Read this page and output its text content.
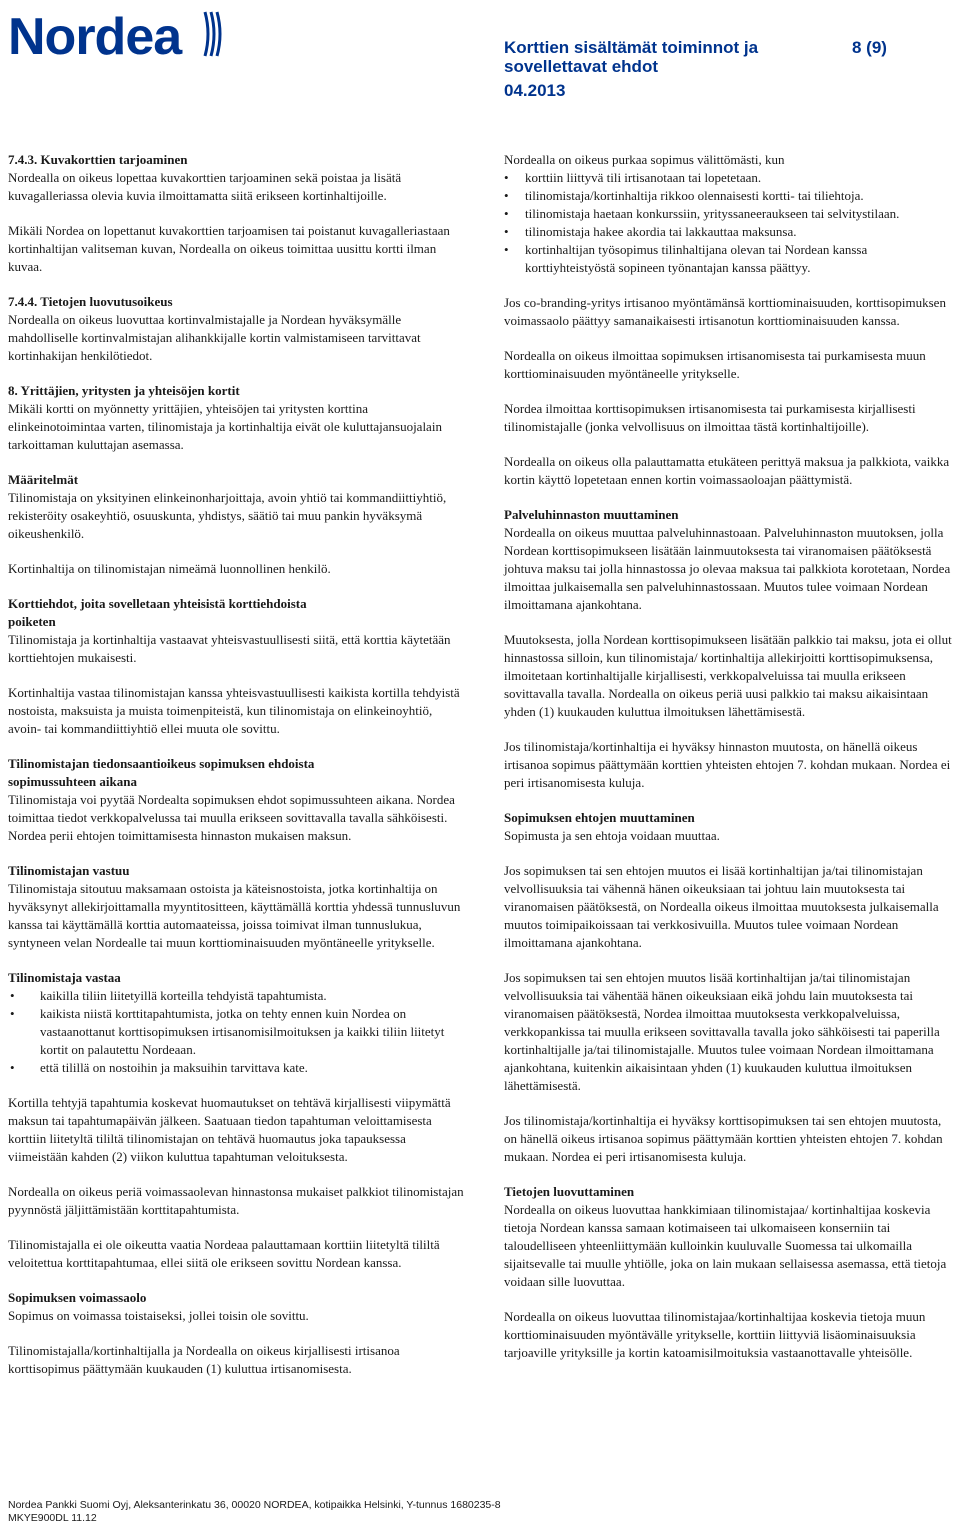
Nordea	Korttien sisältämät toiminnot ja sovellettavat ehdot
8 (9)
04.2013
7.4.3. Kuvakorttien tarjoaminen

Nordealla on oikeus lopettaa kuvakorttien tarjoaminen sekä poistaa ja lisätä kuvagalleriassa olevia kuvia ilmoittamatta siitä erikseen kortinhaltijoille.

Mikäli Nordea on lopettanut kuvakorttien tarjoamisen tai poistanut kuvagalleriastaan kortinhaltijan valitseman kuvan, Nordealla on oikeus toimittaa uusittu kortti ilman kuvaa.

7.4.4. Tietojen luovutusoikeus

Nordealla on oikeus luovuttaa kortinvalmistajalle ja Nordean hyväksymälle mahdolliselle kortinvalmistajan alihankkijalle kortin valmistamiseen tarvittavat kortinhakijan henkilötiedot.

8. Yrittäjien, yritysten ja yhteisöjen kortit

Mikäli kortti on myönnetty yrittäjien, yhteisöjen tai yritysten korttina elinkeinotoimintaa varten, tilinomistaja ja kortinhaltija eivät ole kuluttajansuojalain tarkoittaman kuluttajan asemassa.

Määritelmät

Tilinomistaja on yksityinen elinkeinonharjoittaja, avoin yhtiö tai kommandiittiyhtiö, rekisteröity osakeyhtiö, osuuskunta, yhdistys, säätiö tai muu pankin hyväksymä oikeushenkilö.

Kortinhaltija on tilinomistajan nimeämä luonnollinen henkilö.

Korttiehdot, joita sovelletaan yhteisistä korttiehdoista
poiketen

Tilinomistaja ja kortinhaltija vastaavat yhteisvastuullisesti siitä, että korttia käytetään korttiehtojen mukaisesti.

Kortinhaltija vastaa tilinomistajan kanssa yhteisvastuullisesti kaikista kortilla tehdyistä nostoista, maksuista ja muista toimenpiteistä, kun tilinomistaja on elinkeinoyhtiö, avoin- tai kommandiittiyhtiö ellei muuta ole sovittu.

Tilinomistajan tiedonsaantioikeus sopimuksen ehdoista
sopimussuhteen aikana

Tilinomistaja voi pyytää Nordealta sopimuksen ehdot sopimussuhteen aikana. Nordea toimittaa tiedot verkkopalvelussa tai muulla erikseen sovittavalla tavalla sähköisesti. Nordea perii ehtojen toimittamisesta hinnaston mukaisen maksun.

Tilinomistajan vastuu

Tilinomistaja sitoutuu maksamaan ostoista ja käteisnostoista, jotka kortinhaltija on hyväksynyt allekirjoittamalla myyntitositteen, käyttämällä korttia yhdessä tunnusluvun kanssa tai käyttämällä korttia automaateissa, joissa toimivat ilman tunnuslukua, syntyneen velan Nordealle tai muun korttiominaisuuden myöntäneelle yritykselle.

Tilinomistaja vastaa
• kaikilla tiliin liitetyillä korteilla tehdyistä tapahtumista.
• kaikista niistä korttitapahtumista, jotka on tehty ennen kuin Nordea on vastaanottanut korttisopimuksen irtisanomisilmoituksen ja kaikki tiliin liitetyt kortit on palautettu Nordeaan.
• että tilillä on nostoihin ja maksuihin tarvittava kate.

Kortilla tehtyjä tapahtumia koskevat huomautukset on tehtävä kirjallisesti viipymättä maksun tai tapahtumapäivän jälkeen. Saatuaan tiedon tapahtuman veloittamisesta korttiin liitetyltä tililtä tilinomistajan on tehtävä huomautus joka tapauksessa viimeistään kahden (2) viikon kuluttua tapahtuman veloituksesta.

Nordealla on oikeus periä voimassaolevan hinnastonsa mukaiset palkkiot tilinomistajan pyynnöstä jäljittämistään korttitapahtumista.

Tilinomistajalla ei ole oikeutta vaatia Nordeaa palauttamaan korttiin liitetyltä tililtä veloitettua korttitapahtumaa, ellei siitä ole erikseen sovittu Nordean kanssa.

Sopimuksen voimassaolo

Sopimus on voimassa toistaiseksi, jollei toisin ole sovittu.

Tilinomistajalla/kortinhaltijalla ja Nordealla on oikeus kirjallisesti irtisanoa korttisopimus päättymään kuukauden (1) kuluttua irtisanomisesta.

Nordealla on oikeus purkaa sopimus välittömästi, kun
• korttiin liittyvä tili irtisanotaan tai lopetetaan.
• tilinomistaja/kortinhaltija rikkoo olennaisesti kortti- tai tiliehtoja.
• tilinomistaja haetaan konkurssiin, yrityssaneeraukseen tai selvitystilaan.
• tilinomistaja hakee akordia tai lakkauttaa maksunsa.
• kortinhaltijan työsopimus tilinhaltijana olevan tai Nordean kanssa korttiyhteistyöstä sopineen työnantajan kanssa päättyy.

Jos co-branding-yritys irtisanoo myöntämänsä korttiominaisuuden, korttisopimuksen voimassaolo päättyy samanaikaisesti irtisanotun korttiominaisuuden kanssa.

Nordealla on oikeus ilmoittaa sopimuksen irtisanomisesta tai purkamisesta muun korttiominaisuuden myöntäneelle yritykselle.

Nordea ilmoittaa korttisopimuksen irtisanomisesta tai purkamisesta kirjallisesti tilinomistajalle (jonka velvollisuus on ilmoittaa tästä kortinhaltijoille).

Nordealla on oikeus olla palauttamatta etukäteen perittyä maksua ja palkkiota, vaikka kortin käyttö lopetetaan ennen kortin voimassaoloajan päättymistä.

Palveluhinnaston muuttaminen

Nordealla on oikeus muuttaa palveluhinnastoaan. Palveluhinnaston muutoksen, jolla Nordean korttisopimukseen lisätään lainmuutoksesta tai viranomaisen päätöksestä johtuva maksu tai jolla hinnastossa jo olevaa maksua tai palkkiota korotetaan, Nordea ilmoittaa julkaisemalla sen palveluhinnastossaan. Muutos tulee voimaan Nordean ilmoittamana ajankohtana.

Muutoksesta, jolla Nordean korttisopimukseen lisätään palkkio tai maksu, jota ei ollut hinnastossa silloin, kun tilinomistaja/ kortinhaltija allekirjoitti korttisopimuksensa, ilmoitetaan kortinhaltijalle kirjallisesti, verkkopalveluissa tai muulla erikseen sovittavalla tavalla. Nordealla on oikeus periä uusi palkkio tai maksu aikaisintaan yhden (1) kuukauden kuluttua ilmoituksen lähettämisestä.

Jos tilinomistaja/kortinhaltija ei hyväksy hinnaston muutosta, on hänellä oikeus irtisanoa sopimus päättymään korttien yhteisten ehtojen 7. kohdan mukaan. Nordea ei peri irtisanomisesta kuluja.

Sopimuksen ehtojen muuttaminen

Sopimusta ja sen ehtoja voidaan muuttaa.

Jos sopimuksen tai sen ehtojen muutos ei lisää kortinhaltijan ja/tai tilinomistajan velvollisuuksia tai vähennä hänen oikeuksiaan tai johtuu lain muutoksesta tai viranomaisen päätöksestä, on Nordealla oikeus ilmoittaa muutoksesta julkaisemalla muutos toimipaikoissaan tai verkkosivuilla. Muutos tulee voimaan Nordean ilmoittamana ajankohtana.

Jos sopimuksen tai sen ehtojen muutos lisää kortinhaltijan ja/tai tilinomistajan velvollisuuksia tai vähentää hänen oikeuksiaan eikä johdu lain muutoksesta tai viranomaisen päätöksestä, Nordea ilmoittaa muutoksesta verkkopalveluissa, verkkopankissa tai muulla erikseen sovittavalla tavalla joko sähköisesti tai paperilla kortinhaltijalle ja/tai tilinomistajalle. Muutos tulee voimaan Nordean ilmoittamana ajankohtana, kuitenkin aikaisintaan yhden (1) kuukauden kuluttua ilmoituksen lähettämisestä.

Jos tilinomistaja/kortinhaltija ei hyväksy korttisopimuksen tai sen ehtojen muutosta, on hänellä oikeus irtisanoa sopimus päättymään korttien yhteisten ehtojen 7. kohdan mukaan. Nordea ei peri irtisanomisesta kuluja.

Tietojen luovuttaminen

Nordealla on oikeus luovuttaa hankkimiaan tilinomistajaa/ kortinhaltijaa koskevia tietoja Nordean kanssa samaan kotimaiseen tai ulkomaiseen konserniin tai taloudelliseen yhteenliittymään kulloinkin kuuluvalle Suomessa tai ulkomailla sijaitsevalle tai muulle yhtiölle, joka on lain mukaan sellaisessa asemassa, että tietoja voidaan sille luovuttaa.

Nordealla on oikeus luovuttaa tilinomistajaa/kortinhaltijaa koskevia tietoja muun korttiominaisuuden myöntävälle yritykselle, korttiin liittyviä lisäominaisuuksia tarjoaville yrityksille ja kortin katoamisilmoituksia vastaanottavalle yhteisölle.

Nordea Pankki Suomi Oyj, Aleksanterinkatu 36, 00020 NORDEA, kotipaikka Helsinki, Y-tunnus 1680235-8
MKYE900DL 11.12
